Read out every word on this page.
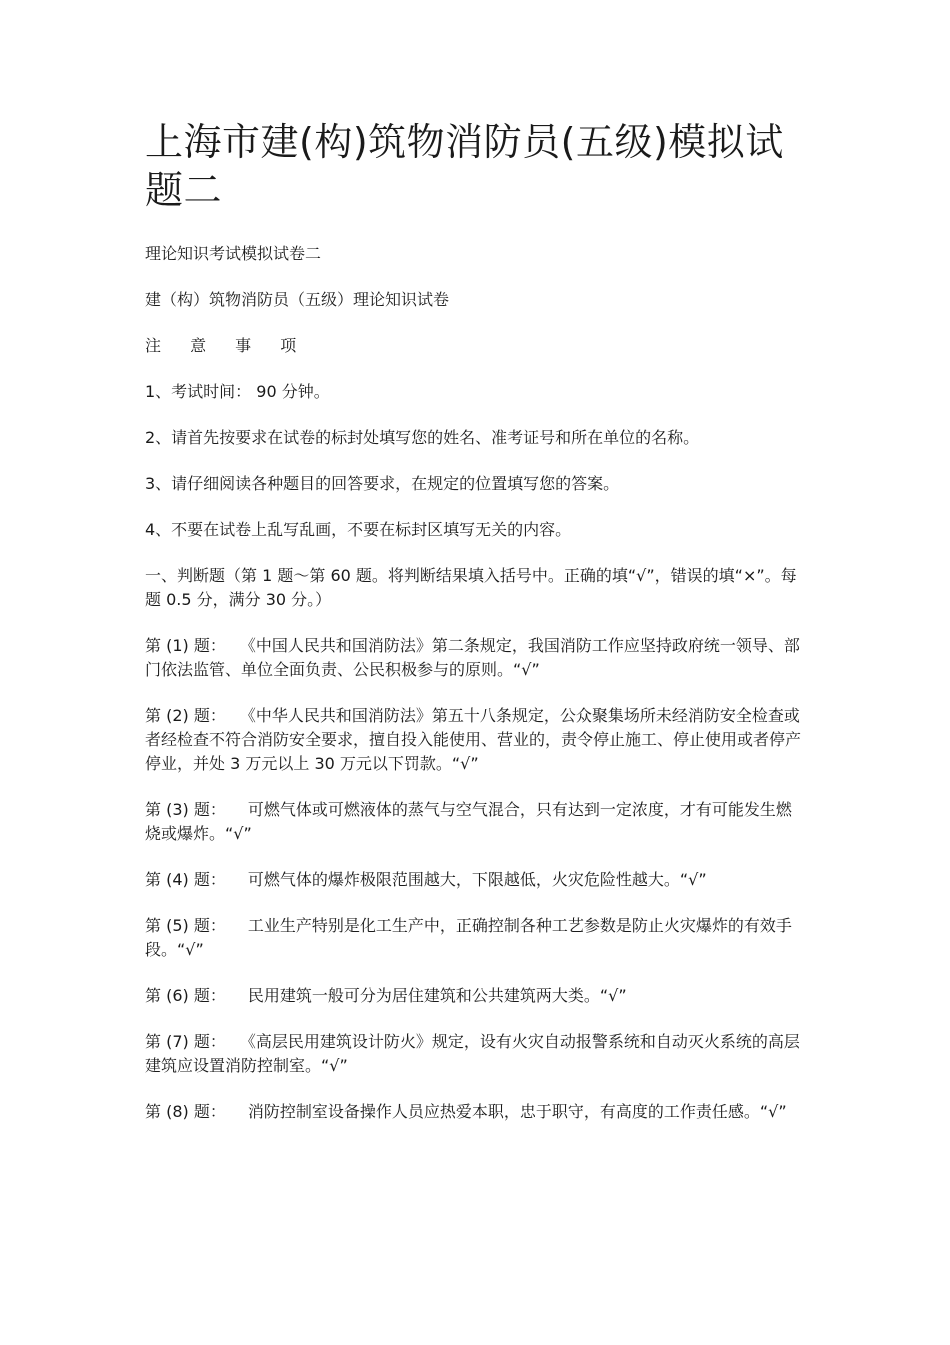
上海市建(构)筑物消防员(五级)模拟试题二

理论知识考试模拟试卷二

建（构）筑物消防员（五级）理论知识试卷

注 意 事 项

1、考试时间： 90 分钟。

2、请首先按要求在试卷的标封处填写您的姓名、准考证号和所在单位的名称。

3、请仔细阅读各种题目的回答要求，在规定的位置填写您的答案。

4、不要在试卷上乱写乱画，不要在标封区填写无关的内容。

一、判断题（第 1 题～第 60 题。将判断结果填入括号中。正确的填“√”，错误的填“×”。每题 0.5 分，满分 30 分。）

第 (1) 题： 《中国人民共和国消防法》第二条规定，我国消防工作应坚持政府统一领导、部门依法监管、单位全面负责、公民积极参与的原则。“√”

第 (2) 题： 《中华人民共和国消防法》第五十八条规定，公众聚集场所未经消防安全检查或者经检查不符合消防安全要求，擅自投入能使用、营业的，责令停止施工、停止使用或者停产停业，并处 3 万元以上 30 万元以下罚款。“√”

第 (3) 题： 可燃气体或可燃液体的蒸气与空气混合，只有达到一定浓度，才有可能发生燃烧或爆炸。“√”

第 (4) 题： 可燃气体的爆炸极限范围越大，下限越低，火灾危险性越大。“√”

第 (5) 题： 工业生产特别是化工生产中，正确控制各种工艺参数是防止火灾爆炸的有效手段。“√”

第 (6) 题： 民用建筑一般可分为居住建筑和公共建筑两大类。“√”

第 (7) 题： 《高层民用建筑设计防火》规定，设有火灾自动报警系统和自动灭火系统的高层建筑应设置消防控制室。“√”

第 (8) 题： 消防控制室设备操作人员应热爱本职，忠于职守，有高度的工作责任感。“√”
